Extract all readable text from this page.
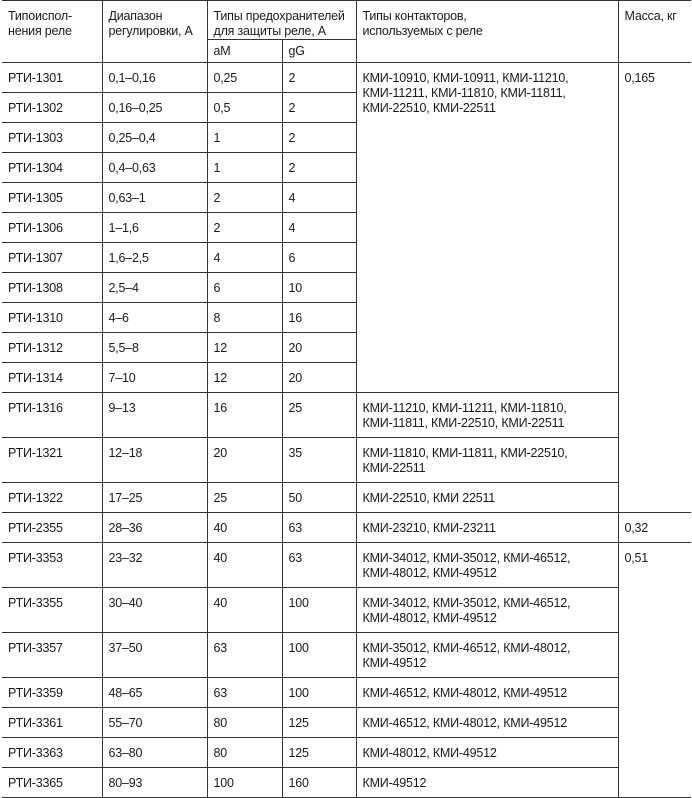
Типоиспол-
нения реле	Диапазон
регулировки, А	Типы предохранителей
для защиты реле, А		Типы контакторов,
используемых с реле	Масса, кг
		aM	gG		
РТИ-1301	0,1–0,16	0,25	2	КМИ-10910, КМИ-10911, КМИ-11210,
КМИ-11211, КМИ-11810, КМИ-11811,
КМИ-22510, КМИ-22511	0,165
РТИ-1302	0,16–0,25	0,5	2		
РТИ-1303	0,25–0,4	1	2		
РТИ-1304	0,4–0,63	1	2		
РТИ-1305	0,63–1	2	4		
РТИ-1306	1–1,6	2	4		
РТИ-1307	1,6–2,5	4	6		
РТИ-1308	2,5–4	6	10		
РТИ-1310	4–6	8	16		
РТИ-1312	5,5–8	12	20		
РТИ-1314	7–10	12	20		
РТИ-1316	9–13	16	25	КМИ-11210, КМИ-11211, КМИ-11810,
КМИ-11811, КМИ-22510, КМИ-22511	
РТИ-1321	12–18	20	35	КМИ-11810, КМИ-11811, КМИ-22510,
КМИ-22511	
РТИ-1322	17–25	25	50	КМИ-22510, КМИ 22511	
РТИ-2355	28–36	40	63	КМИ-23210, КМИ-23211	0,32
РТИ-3353	23–32	40	63	КМИ-34012, КМИ-35012, КМИ-46512,
КМИ-48012, КМИ-49512	0,51
РТИ-3355	30–40	40	100	КМИ-34012, КМИ-35012, КМИ-46512,
КМИ-48012, КМИ-49512	
РТИ-3357	37–50	63	100	КМИ-35012, КМИ-46512, КМИ-48012,
КМИ-49512	
РТИ-3359	48–65	63	100	КМИ-46512, КМИ-48012, КМИ-49512	
РТИ-3361	55–70	80	125	КМИ-46512, КМИ-48012, КМИ-49512	
РТИ-3363	63–80	80	125	КМИ-48012, КМИ-49512	
РТИ-3365	80–93	100	160	КМИ-49512	
